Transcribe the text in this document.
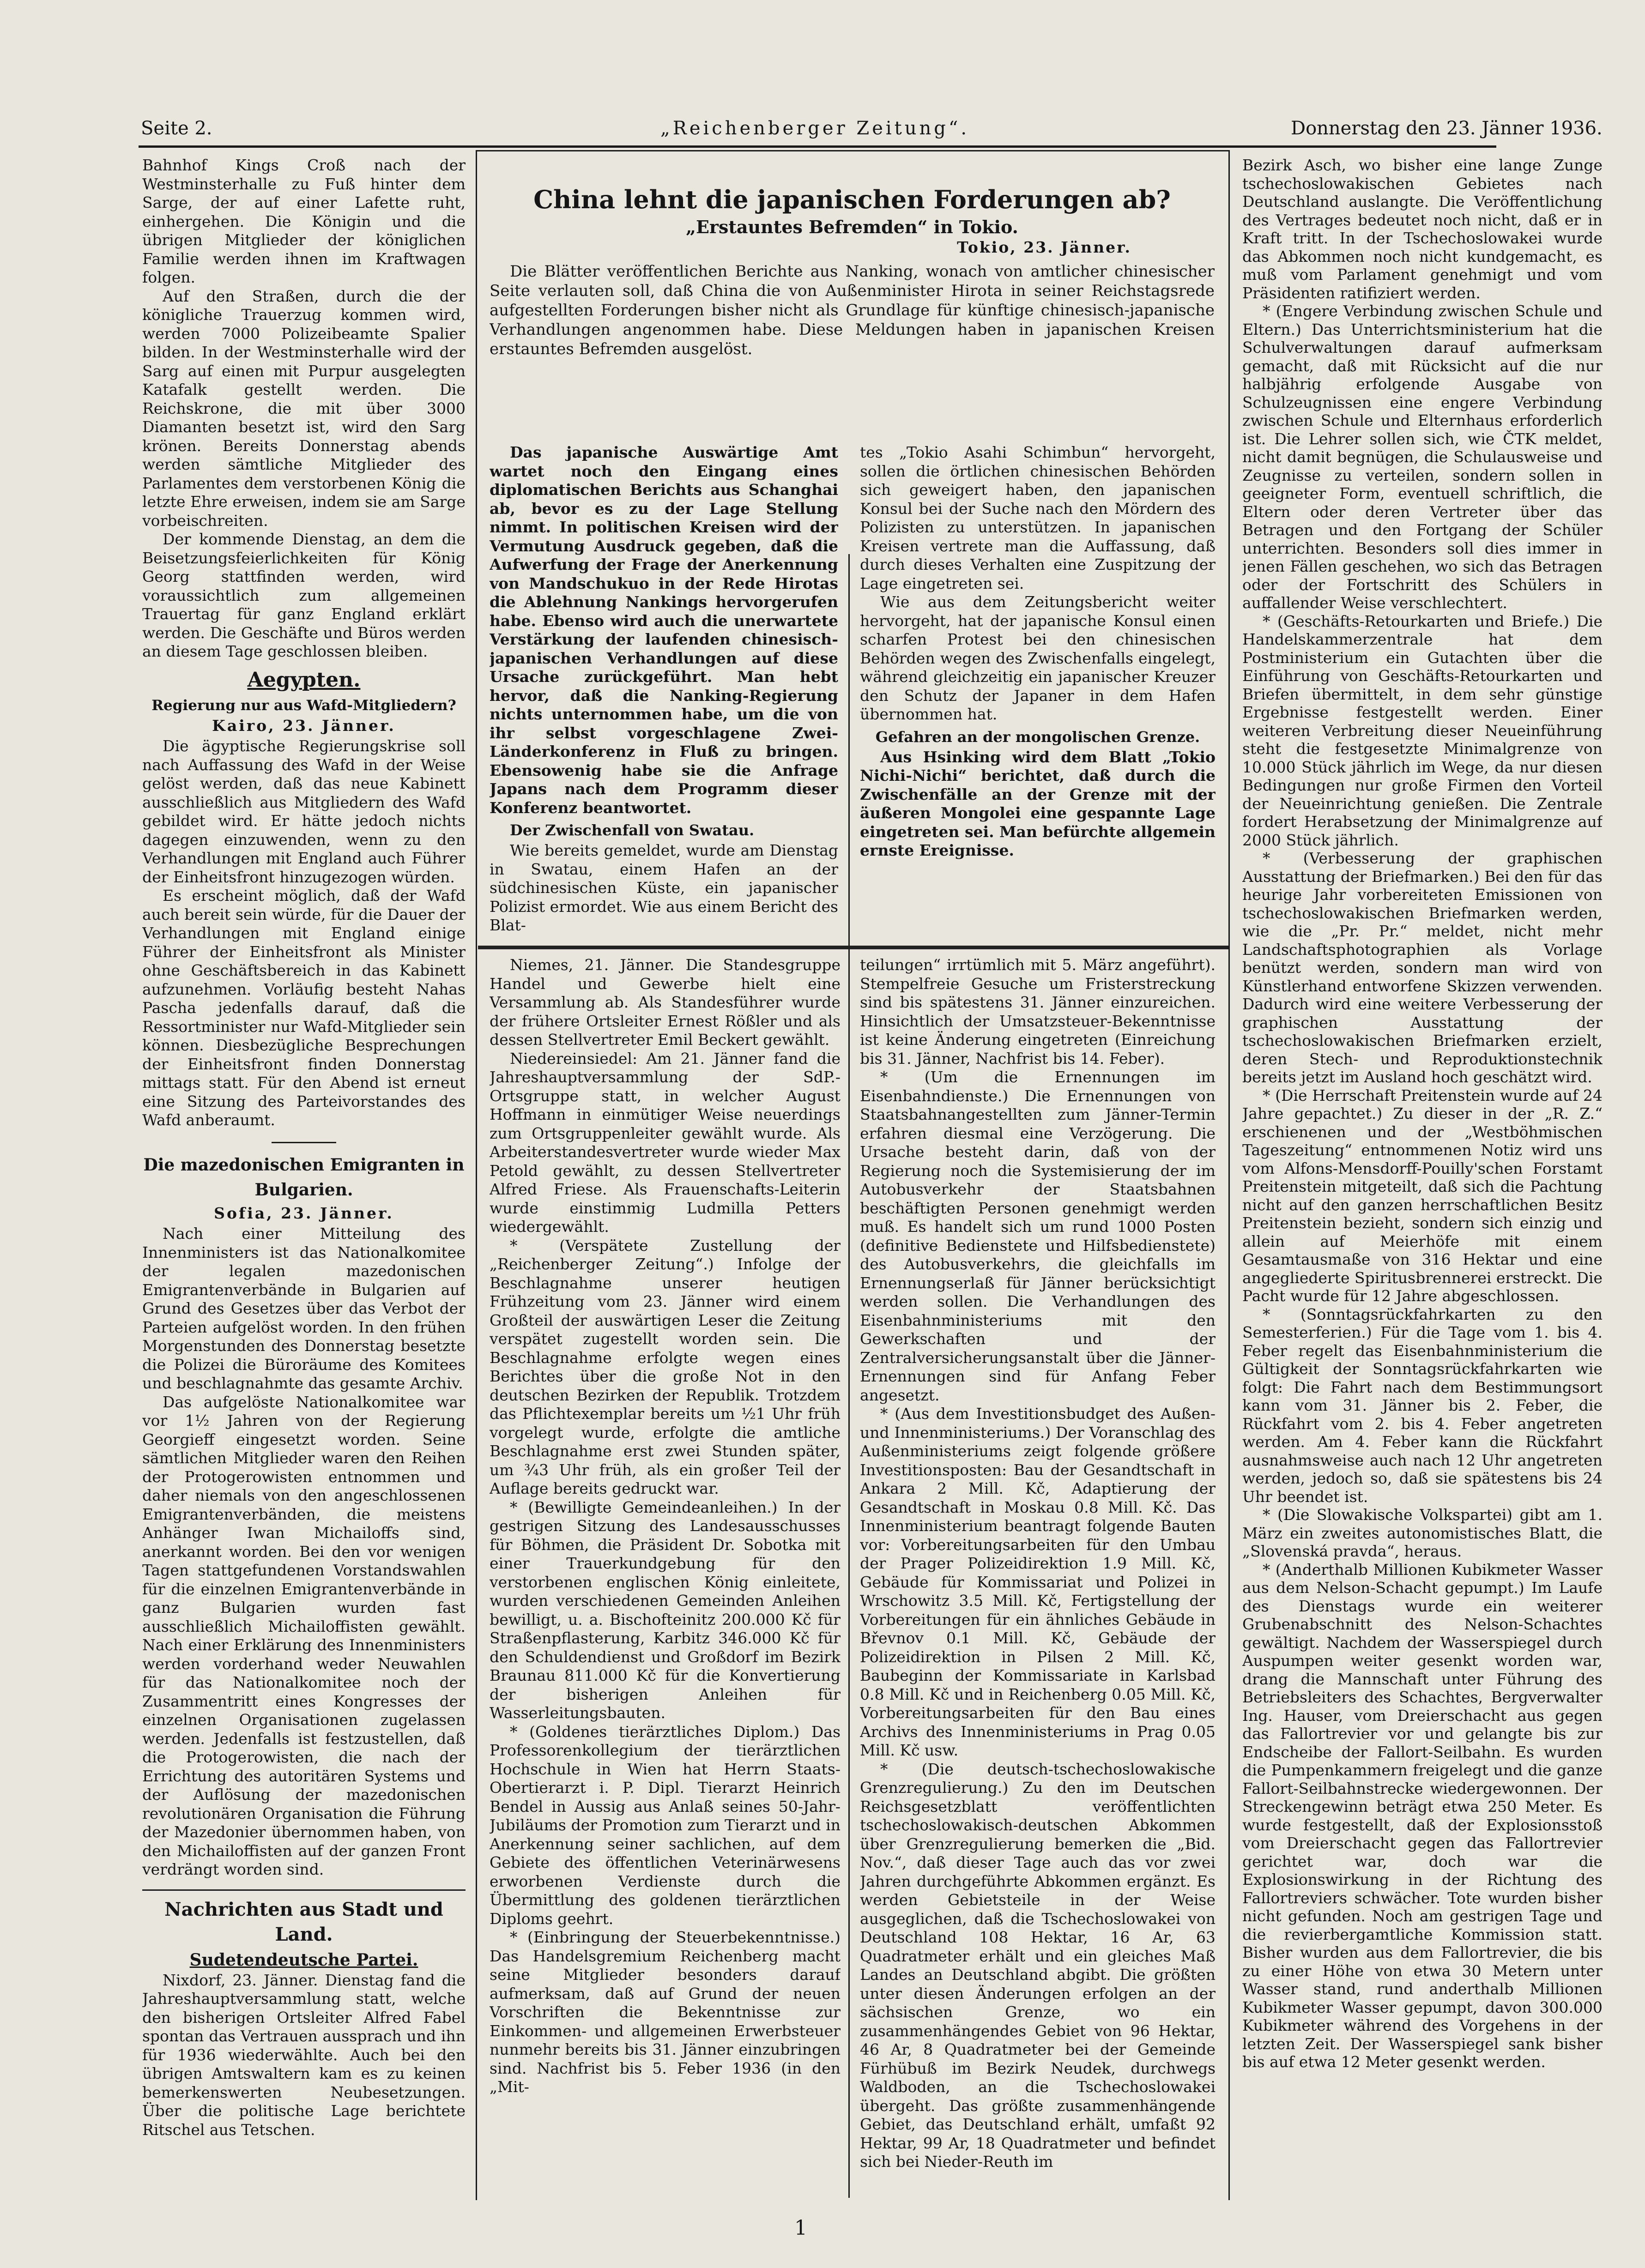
Seite 2.	„Reichenberger Zeitung“.	Donnerstag den 23. Jänner 1936.

Bahnhof Kings Croß nach der Westminsterhalle zu Fuß hinter dem Sarge, der auf einer Lafette ruht, einhergehen. Die Königin und die übrigen Mitglieder der königlichen Familie werden ihnen im Kraftwagen folgen.

Auf den Straßen, durch die der königliche Trauerzug kommen wird, werden 7000 Polizeibeamte Spalier bilden. In der Westminsterhalle wird der Sarg auf einen mit Purpur ausgelegten Katafalk gestellt werden. Die Reichskrone, die mit über 3000 Diamanten besetzt ist, wird den Sarg krönen. Bereits Donnerstag abends werden sämtliche Mitglieder des Parlamentes dem verstorbenen König die letzte Ehre erweisen, indem sie am Sarge vorbeischreiten.

Der kommende Dienstag, an dem die Beisetzungsfeierlichkeiten für König Georg stattfinden werden, wird voraussichtlich zum allgemeinen Trauertag für ganz England erklärt werden. Die Geschäfte und Büros werden an diesem Tage geschlossen bleiben.

Aegypten.
Regierung nur aus Wafd-Mitgliedern?
Kairo, 23. Jänner.

Die ägyptische Regierungskrise soll nach Auffassung des Wafd in der Weise gelöst werden, daß das neue Kabinett ausschließlich aus Mitgliedern des Wafd gebildet wird. Er hätte jedoch nichts dagegen einzuwenden, wenn zu den Verhandlungen mit England auch Führer der Einheitsfront hinzugezogen würden.

Es erscheint möglich, daß der Wafd auch bereit sein würde, für die Dauer der Verhandlungen mit England einige Führer der Einheitsfront als Minister ohne Geschäftsbereich in das Kabinett aufzunehmen. Vorläufig besteht Nahas Pascha jedenfalls darauf, daß die Ressortminister nur Wafd-Mitglieder sein können. Diesbezügliche Besprechungen der Einheitsfront finden Donnerstag mittags statt. Für den Abend ist erneut eine Sitzung des Parteivorstandes des Wafd anberaumt.

Die mazedonischen Emigranten in Bulgarien.
Sofia, 23. Jänner.

Nach einer Mitteilung des Innenministers ist das Nationalkomitee der legalen mazedonischen Emigrantenverbände in Bulgarien auf Grund des Gesetzes über das Verbot der Parteien aufgelöst worden. In den frühen Morgenstunden des Donnerstag besetzte die Polizei die Büroräume des Komitees und beschlagnahmte das gesamte Archiv.

Das aufgelöste Nationalkomitee war vor 1½ Jahren von der Regierung Georgieff eingesetzt worden. Seine sämtlichen Mitglieder waren den Reihen der Protogerowisten entnommen und daher niemals von den angeschlossenen Emigrantenverbänden, die meistens Anhänger Iwan Michailoffs sind, anerkannt worden. Bei den vor wenigen Tagen stattgefundenen Vorstandswahlen für die einzelnen Emigrantenverbände in ganz Bulgarien wurden fast ausschließlich Michailoffisten gewählt. Nach einer Erklärung des Innenministers werden vorderhand weder Neuwahlen für das Nationalkomitee noch der Zusammentritt eines Kongresses der einzelnen Organisationen zugelassen werden. Jedenfalls ist festzustellen, daß die Protogerowisten, die nach der Errichtung des autoritären Systems und der Auflösung der mazedonischen revolutionären Organisation die Führung der Mazedonier übernommen haben, von den Michailoffisten auf der ganzen Front verdrängt worden sind.

Nachrichten aus Stadt und Land.
Sudetendeutsche Partei.

Nixdorf, 23. Jänner. Dienstag fand die Jahreshauptversammlung statt, welche den bisherigen Ortsleiter Alfred Fabel spontan das Vertrauen aussprach und ihn für 1936 wiederwählte. Auch bei den übrigen Amtswaltern kam es zu keinen bemerkenswerten Neubesetzungen. Über die politische Lage berichtete Ritschel aus Tetschen.

China lehnt die japanischen Forderungen ab?
„Erstauntes Befremden“ in Tokio.
Tokio, 23. Jänner.

Die Blätter veröffentlichen Berichte aus Nanking, wonach von amtlicher chinesischer Seite verlauten soll, daß China die von Außenminister Hirota in seiner Reichstagsrede aufgestellten Forderungen bisher nicht als Grundlage für künftige chinesisch-japanische Verhandlungen angenommen habe. Diese Meldungen haben in japanischen Kreisen erstauntes Befremden ausgelöst.

Das japanische Auswärtige Amt wartet noch den Eingang eines diplomatischen Berichts aus Schanghai ab, bevor es zu der Lage Stellung nimmt. In politischen Kreisen wird der Vermutung Ausdruck gegeben, daß die Aufwerfung der Frage der Anerkennung von Mandschukuo in der Rede Hirotas die Ablehnung Nankings hervorgerufen habe. Ebenso wird auch die unerwartete Verstärkung der laufenden chinesisch-japanischen Verhandlungen auf diese Ursache zurückgeführt. Man hebt hervor, daß die Nanking-Regierung nichts unternommen habe, um die von ihr selbst vorgeschlagene Zwei-Länderkonferenz in Fluß zu bringen. Ebensowenig habe sie die Anfrage Japans nach dem Programm dieser Konferenz beantwortet.

Der Zwischenfall von Swatau.

Wie bereits gemeldet, wurde am Dienstag in Swatau, einem Hafen an der südchinesischen Küste, ein japanischer Polizist ermordet. Wie aus einem Bericht des Blat-

tes „Tokio Asahi Schimbun“ hervorgeht, sollen die örtlichen chinesischen Behörden sich geweigert haben, den japanischen Konsul bei der Suche nach den Mördern des Polizisten zu unterstützen. In japanischen Kreisen vertrete man die Auffassung, daß durch dieses Verhalten eine Zuspitzung der Lage eingetreten sei.

Wie aus dem Zeitungsbericht weiter hervorgeht, hat der japanische Konsul einen scharfen Protest bei den chinesischen Behörden wegen des Zwischenfalls eingelegt, während gleichzeitig ein japanischer Kreuzer den Schutz der Japaner in dem Hafen übernommen hat.

Gefahren an der mongolischen Grenze.

Aus Hsinking wird dem Blatt „Tokio Nichi-Nichi“ berichtet, daß durch die Zwischenfälle an der Grenze mit der äußeren Mongolei eine gespannte Lage eingetreten sei. Man befürchte allgemein ernste Ereignisse.

Niemes, 21. Jänner. Die Standesgruppe Handel und Gewerbe hielt eine Versammlung ab. Als Standesführer wurde der frühere Ortsleiter Ernest Rößler und als dessen Stellvertreter Emil Beckert gewählt.

Niedereinsiedel: Am 21. Jänner fand die Jahreshauptversammlung der SdP.-Ortsgruppe statt, in welcher August Hoffmann in einmütiger Weise neuerdings zum Ortsgruppenleiter gewählt wurde. Als Arbeiterstandesvertreter wurde wieder Max Petold gewählt, zu dessen Stellvertreter Alfred Friese. Als Frauenschafts-Leiterin wurde einstimmig Ludmilla Petters wiedergewählt.

* (Verspätete Zustellung der „Reichenberger Zeitung“.) Infolge der Beschlagnahme unserer heutigen Frühzeitung vom 23. Jänner wird einem Großteil der auswärtigen Leser die Zeitung verspätet zugestellt worden sein. Die Beschlagnahme erfolgte wegen eines Berichtes über die große Not in den deutschen Bezirken der Republik. Trotzdem das Pflichtexemplar bereits um ½1 Uhr früh vorgelegt wurde, erfolgte die amtliche Beschlagnahme erst zwei Stunden später, um ¾3 Uhr früh, als ein großer Teil der Auflage bereits gedruckt war.

* (Bewilligte Gemeindeanleihen.) In der gestrigen Sitzung des Landesausschusses für Böhmen, die Präsident Dr. Sobotka mit einer Trauerkundgebung für den verstorbenen englischen König einleitete, wurden verschiedenen Gemeinden Anleihen bewilligt, u. a. Bischofteinitz 200.000 Kč für Straßenpflasterung, Karbitz 346.000 Kč für den Schuldendienst und Großdorf im Bezirk Braunau 811.000 Kč für die Konvertierung der bisherigen Anleihen für Wasserleitungsbauten.

* (Goldenes tierärztliches Diplom.) Das Professorenkollegium der tierärztlichen Hochschule in Wien hat Herrn Staats-Obertierarzt i. P. Dipl. Tierarzt Heinrich Bendel in Aussig aus Anlaß seines 50-Jahr-Jubiläums der Promotion zum Tierarzt und in Anerkennung seiner sachlichen, auf dem Gebiete des öffentlichen Veterinärwesens erworbenen Verdienste durch die Übermittlung des goldenen tierärztlichen Diploms geehrt.

* (Einbringung der Steuerbekenntnisse.) Das Handelsgremium Reichenberg macht seine Mitglieder besonders darauf aufmerksam, daß auf Grund der neuen Vorschriften die Bekenntnisse zur Einkommen- und allgemeinen Erwerbsteuer nunmehr bereits bis 31. Jänner einzubringen sind. Nachfrist bis 5. Feber 1936 (in den „Mit-

teilungen“ irrtümlich mit 5. März angeführt). Stempelfreie Gesuche um Fristerstreckung sind bis spätestens 31. Jänner einzureichen. Hinsichtlich der Umsatzsteuer-Bekenntnisse ist keine Änderung eingetreten (Einreichung bis 31. Jänner, Nachfrist bis 14. Feber).

* (Um die Ernennungen im Eisenbahndienste.) Die Ernennungen von Staatsbahnangestellten zum Jänner-Termin erfahren diesmal eine Verzögerung. Die Ursache besteht darin, daß von der Regierung noch die Systemisierung der im Autobusverkehr der Staatsbahnen beschäftigten Personen genehmigt werden muß. Es handelt sich um rund 1000 Posten (definitive Bedienstete und Hilfsbedienstete) des Autobusverkehrs, die gleichfalls im Ernennungserlaß für Jänner berücksichtigt werden sollen. Die Verhandlungen des Eisenbahnministeriums mit den Gewerkschaften und der Zentralversicherungsanstalt über die Jänner-Ernennungen sind für Anfang Feber angesetzt.

* (Aus dem Investitionsbudget des Außen- und Innenministeriums.) Der Voranschlag des Außenministeriums zeigt folgende größere Investitionsposten: Bau der Gesandtschaft in Ankara 2 Mill. Kč, Adaptierung der Gesandtschaft in Moskau 0.8 Mill. Kč. Das Innenministerium beantragt folgende Bauten vor: Vorbereitungsarbeiten für den Umbau der Prager Polizeidirektion 1.9 Mill. Kč, Gebäude für Kommissariat und Polizei in Wrschowitz 3.5 Mill. Kč, Fertigstellung der Vorbereitungen für ein ähnliches Gebäude in Břevnov 0.1 Mill. Kč, Gebäude der Polizeidirektion in Pilsen 2 Mill. Kč, Baubeginn der Kommissariate in Karlsbad 0.8 Mill. Kč und in Reichenberg 0.05 Mill. Kč, Vorbereitungsarbeiten für den Bau eines Archivs des Innenministeriums in Prag 0.05 Mill. Kč usw.

* (Die deutsch-tschechoslowakische Grenzregulierung.) Zu den im Deutschen Reichsgesetzblatt veröffentlichten tschechoslowakisch-deutschen Abkommen über Grenzregulierung bemerken die „Bid. Nov.“, daß dieser Tage auch das vor zwei Jahren durchgeführte Abkommen ergänzt. Es werden Gebietsteile in der Weise ausgeglichen, daß die Tschechoslowakei von Deutschland 108 Hektar, 16 Ar, 63 Quadratmeter erhält und ein gleiches Maß Landes an Deutschland abgibt. Die größten unter diesen Änderungen erfolgen an der sächsischen Grenze, wo ein zusammenhängendes Gebiet von 96 Hektar, 46 Ar, 8 Quadratmeter bei der Gemeinde Fürhübuß im Bezirk Neudek, durchwegs Waldboden, an die Tschechoslowakei übergeht. Das größte zusammenhängende Gebiet, das Deutschland erhält, umfaßt 92 Hektar, 99 Ar, 18 Quadratmeter und befindet sich bei Nieder-Reuth im

Bezirk Asch, wo bisher eine lange Zunge tschechoslowakischen Gebietes nach Deutschland auslangte. Die Veröffentlichung des Vertrages bedeutet noch nicht, daß er in Kraft tritt. In der Tschechoslowakei wurde das Abkommen noch nicht kundgemacht, es muß vom Parlament genehmigt und vom Präsidenten ratifiziert werden.

* (Engere Verbindung zwischen Schule und Eltern.) Das Unterrichtsministerium hat die Schulverwaltungen darauf aufmerksam gemacht, daß mit Rücksicht auf die nur halbjährig erfolgende Ausgabe von Schulzeugnissen eine engere Verbindung zwischen Schule und Elternhaus erforderlich ist. Die Lehrer sollen sich, wie ČTK meldet, nicht damit begnügen, die Schulausweise und Zeugnisse zu verteilen, sondern sollen in geeigneter Form, eventuell schriftlich, die Eltern oder deren Vertreter über das Betragen und den Fortgang der Schüler unterrichten. Besonders soll dies immer in jenen Fällen geschehen, wo sich das Betragen oder der Fortschritt des Schülers in auffallender Weise verschlechtert.

* (Geschäfts-Retourkarten und Briefe.) Die Handelskammerzentrale hat dem Postministerium ein Gutachten über die Einführung von Geschäfts-Retourkarten und Briefen übermittelt, in dem sehr günstige Ergebnisse festgestellt werden. Einer weiteren Verbreitung dieser Neueinführung steht die festgesetzte Minimalgrenze von 10.000 Stück jährlich im Wege, da nur diesen Bedingungen nur große Firmen den Vorteil der Neueinrichtung genießen. Die Zentrale fordert Herabsetzung der Minimalgrenze auf 2000 Stück jährlich.

* (Verbesserung der graphischen Ausstattung der Briefmarken.) Bei den für das heurige Jahr vorbereiteten Emissionen von tschechoslowakischen Briefmarken werden, wie die „Pr. Pr.“ meldet, nicht mehr Landschaftsphotographien als Vorlage benützt werden, sondern man wird von Künstlerhand entworfene Skizzen verwenden. Dadurch wird eine weitere Verbesserung der graphischen Ausstattung der tschechoslowakischen Briefmarken erzielt, deren Stech- und Reproduktionstechnik bereits jetzt im Ausland hoch geschätzt wird.

* (Die Herrschaft Preitenstein wurde auf 24 Jahre gepachtet.) Zu dieser in der „R. Z.“ erschienenen und der „Westböhmischen Tageszeitung“ entnommenen Notiz wird uns vom Alfons-Mensdorff-Pouilly'schen Forstamt Preitenstein mitgeteilt, daß sich die Pachtung nicht auf den ganzen herrschaftlichen Besitz Preitenstein bezieht, sondern sich einzig und allein auf Meierhöfe mit einem Gesamtausmaße von 316 Hektar und eine angegliederte Spiritusbrennerei erstreckt. Die Pacht wurde für 12 Jahre abgeschlossen.

* (Sonntagsrückfahrkarten zu den Semesterferien.) Für die Tage vom 1. bis 4. Feber regelt das Eisenbahnministerium die Gültigkeit der Sonntagsrückfahrkarten wie folgt: Die Fahrt nach dem Bestimmungsort kann vom 31. Jänner bis 2. Feber, die Rückfahrt vom 2. bis 4. Feber angetreten werden. Am 4. Feber kann die Rückfahrt ausnahmsweise auch nach 12 Uhr angetreten werden, jedoch so, daß sie spätestens bis 24 Uhr beendet ist.

* (Die Slowakische Volkspartei) gibt am 1. März ein zweites autonomistisches Blatt, die „Slovenská pravda“, heraus.

* (Anderthalb Millionen Kubikmeter Wasser aus dem Nelson-Schacht gepumpt.) Im Laufe des Dienstags wurde ein weiterer Grubenabschnitt des Nelson-Schachtes gewältigt. Nachdem der Wasserspiegel durch Auspumpen weiter gesenkt worden war, drang die Mannschaft unter Führung des Betriebsleiters des Schachtes, Bergverwalter Ing. Hauser, vom Dreierschacht aus gegen das Fallortrevier vor und gelangte bis zur Endscheibe der Fallort-Seilbahn. Es wurden die Pumpenkammern freigelegt und die ganze Fallort-Seilbahnstrecke wiedergewonnen. Der Streckengewinn beträgt etwa 250 Meter. Es wurde festgestellt, daß der Explosionsstoß vom Dreierschacht gegen das Fallortrevier gerichtet war, doch war die Explosionswirkung in der Richtung des Fallortreviers schwächer. Tote wurden bisher nicht gefunden. Noch am gestrigen Tage und die revierbergamtliche Kommission statt. Bisher wurden aus dem Fallortrevier, die bis zu einer Höhe von etwa 30 Metern unter Wasser stand, rund anderthalb Millionen Kubikmeter Wasser gepumpt, davon 300.000 Kubikmeter während des Vorgehens in der letzten Zeit. Der Wasserspiegel sank bisher bis auf etwa 12 Meter gesenkt werden.

1
